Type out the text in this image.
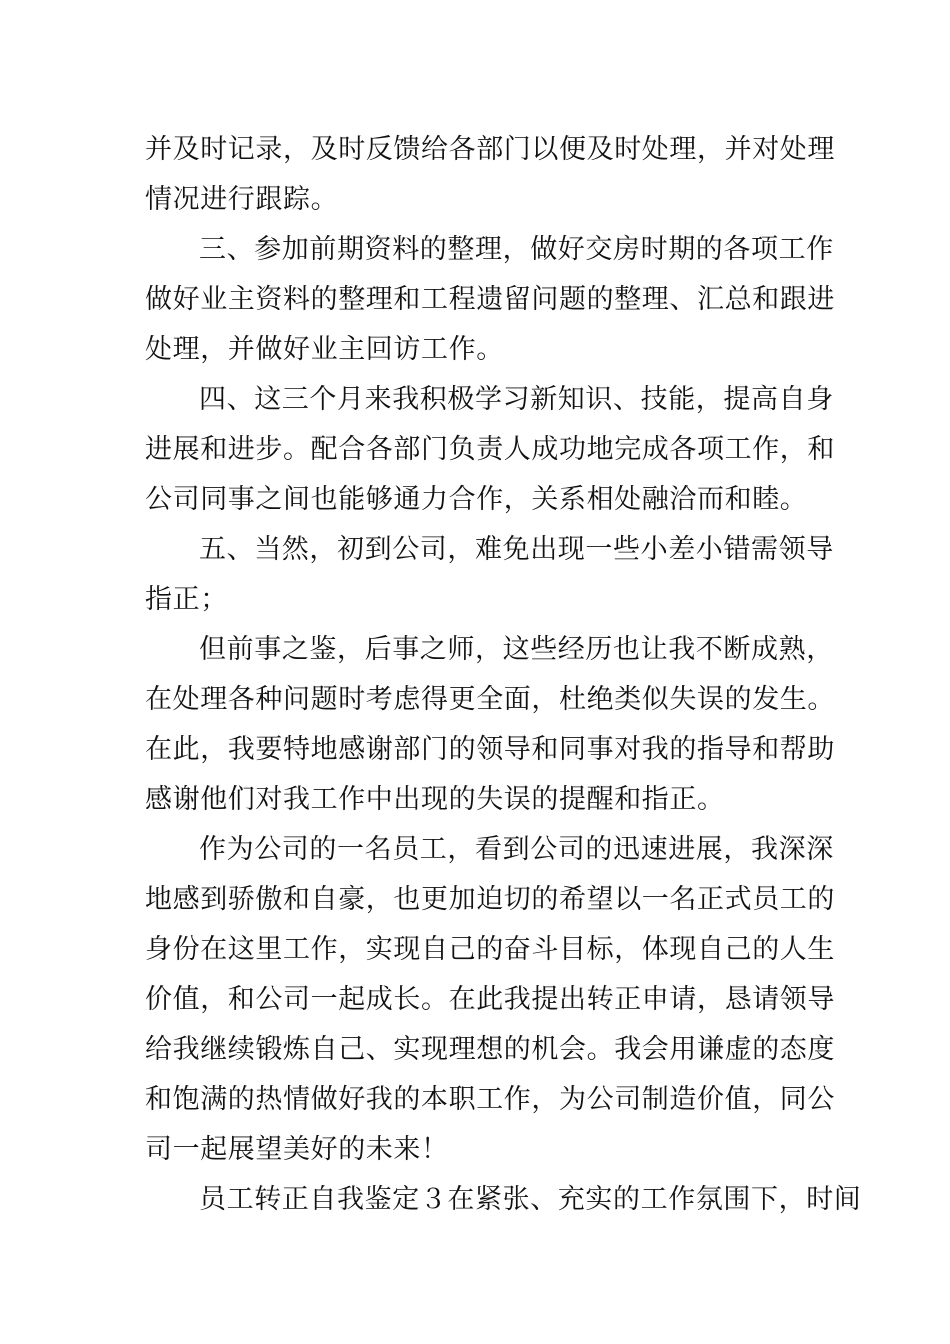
并及时记录，及时反馈给各部门以便及时处理，并对处理
情况进行跟踪。
三、参加前期资料的整理，做好交房时期的各项工作
做好业主资料的整理和工程遗留问题的整理、汇总和跟进
处理，并做好业主回访工作。
四、这三个月来我积极学习新知识、技能，提高自身
进展和进步。配合各部门负责人成功地完成各项工作，和
公司同事之间也能够通力合作，关系相处融洽而和睦。
五、当然，初到公司，难免出现一些小差小错需领导
指正；
但前事之鉴，后事之师，这些经历也让我不断成熟，
在处理各种问题时考虑得更全面，杜绝类似失误的发生。
在此，我要特地感谢部门的领导和同事对我的指导和帮助
感谢他们对我工作中出现的失误的提醒和指正。
作为公司的一名员工，看到公司的迅速进展，我深深
地感到骄傲和自豪，也更加迫切的希望以一名正式员工的
身份在这里工作，实现自己的奋斗目标，体现自己的人生
价值，和公司一起成长。在此我提出转正申请，恳请领导
给我继续锻炼自己、实现理想的机会。我会用谦虚的态度
和饱满的热情做好我的本职工作，为公司制造价值，同公
司一起展望美好的未来！
员工转正自我鉴定３在紧张、充实的工作氛围下，时间
